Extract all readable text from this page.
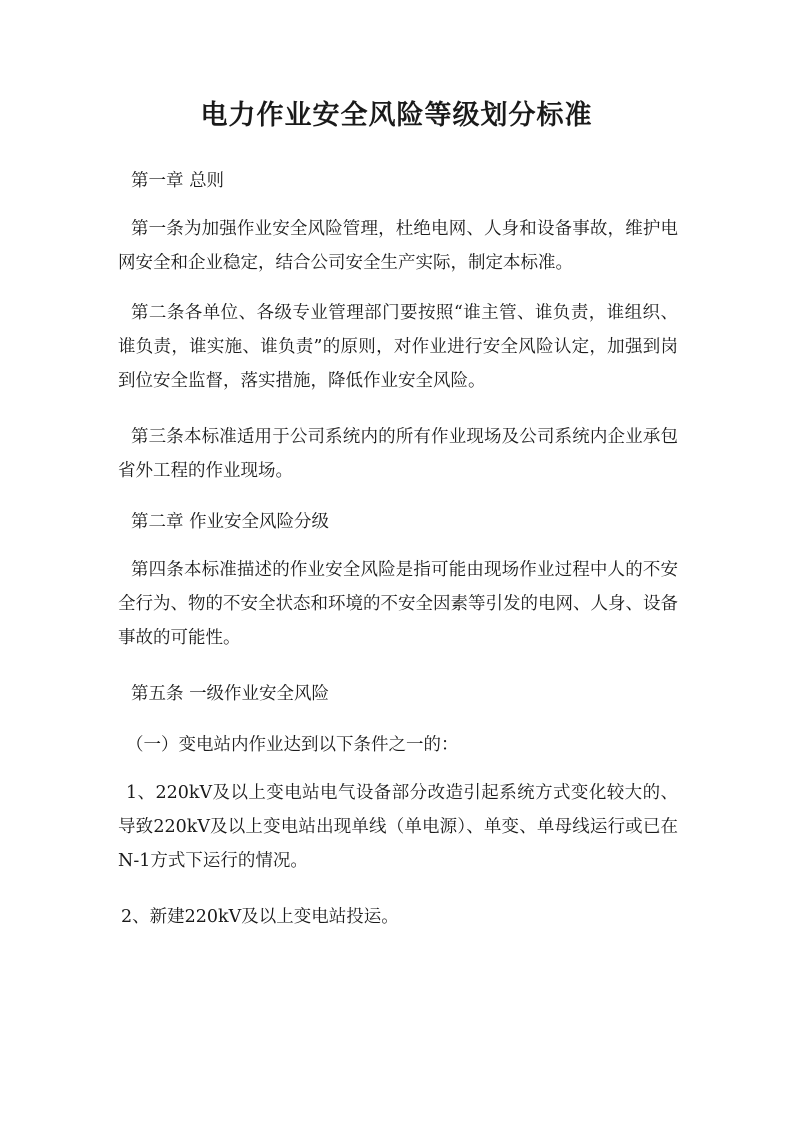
电力作业安全风险等级划分标准

第一章 总则

第一条为加强作业安全风险管理，杜绝电网、人身和设备事故，维护电网安全和企业稳定，结合公司安全生产实际，制定本标准。

第二条各单位、各级专业管理部门要按照“谁主管、谁负责，谁组织、谁负责，谁实施、谁负责”的原则，对作业进行安全风险认定，加强到岗到位安全监督，落实措施，降低作业安全风险。

第三条本标准适用于公司系统内的所有作业现场及公司系统内企业承包省外工程的作业现场。

第二章 作业安全风险分级

第四条本标准描述的作业安全风险是指可能由现场作业过程中人的不安全行为、物的不安全状态和环境的不安全因素等引发的电网、人身、设备事故的可能性。

第五条 一级作业安全风险

（一）变电站内作业达到以下条件之一的：

1、220kV及以上变电站电气设备部分改造引起系统方式变化较大的、导致220kV及以上变电站出现单线（单电源）、单变、单母线运行或已在N-1方式下运行的情况。

2、新建220kV及以上变电站投运。
